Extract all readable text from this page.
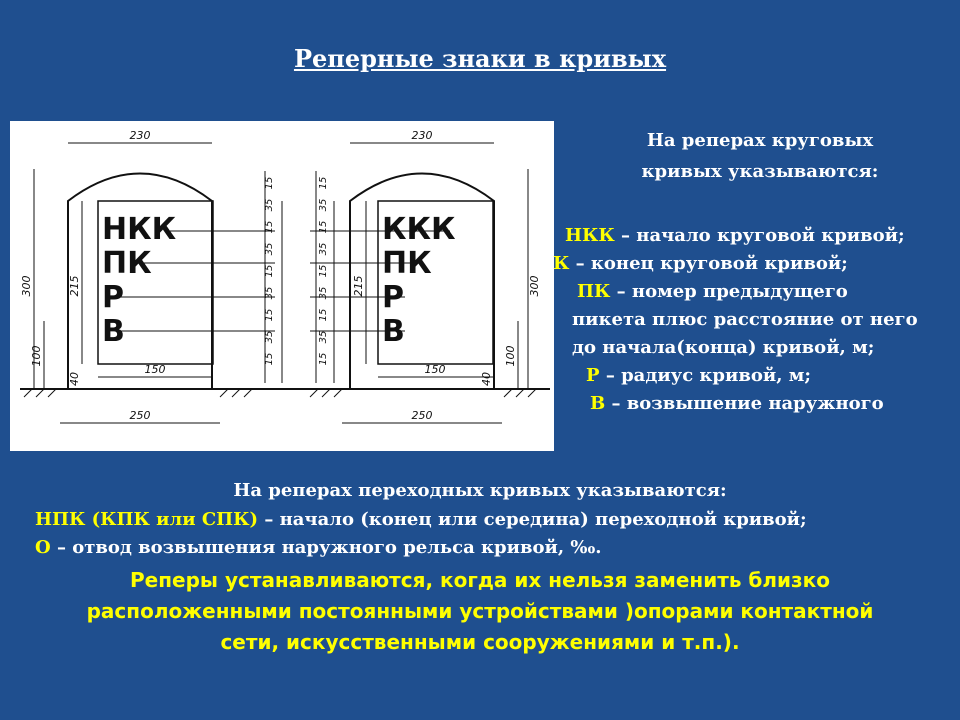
Реперные знаки в кривых
230	230
150	150
250	250
300	300
215	215
100	100
40	40
15
35
15
35
15
35
15
35
15
15
35
15
35
15
35
15
35
15
НКК
ПК
Р
В
ККК
ПК
Р
В
На реперах круговых
кривых указываются:
НКК – начало круговой кривой;
К – конец круговой кривой;
ПК – номер предыдущего
пикета плюс расстояние от него
до начала(конца) кривой, м;
Р – радиус кривой, м;
В – возвышение наружного
На реперах переходных кривых указываются:
НПК (КПК или СПК) – начало (конец или середина) переходной кривой;
О – отвод возвышения наружного рельса кривой, ‰.
Реперы устанавливаются, когда их нельзя заменить близко
расположенными постоянными устройствами )опорами контактной
сети, искусственными сооружениями и т.п.).
